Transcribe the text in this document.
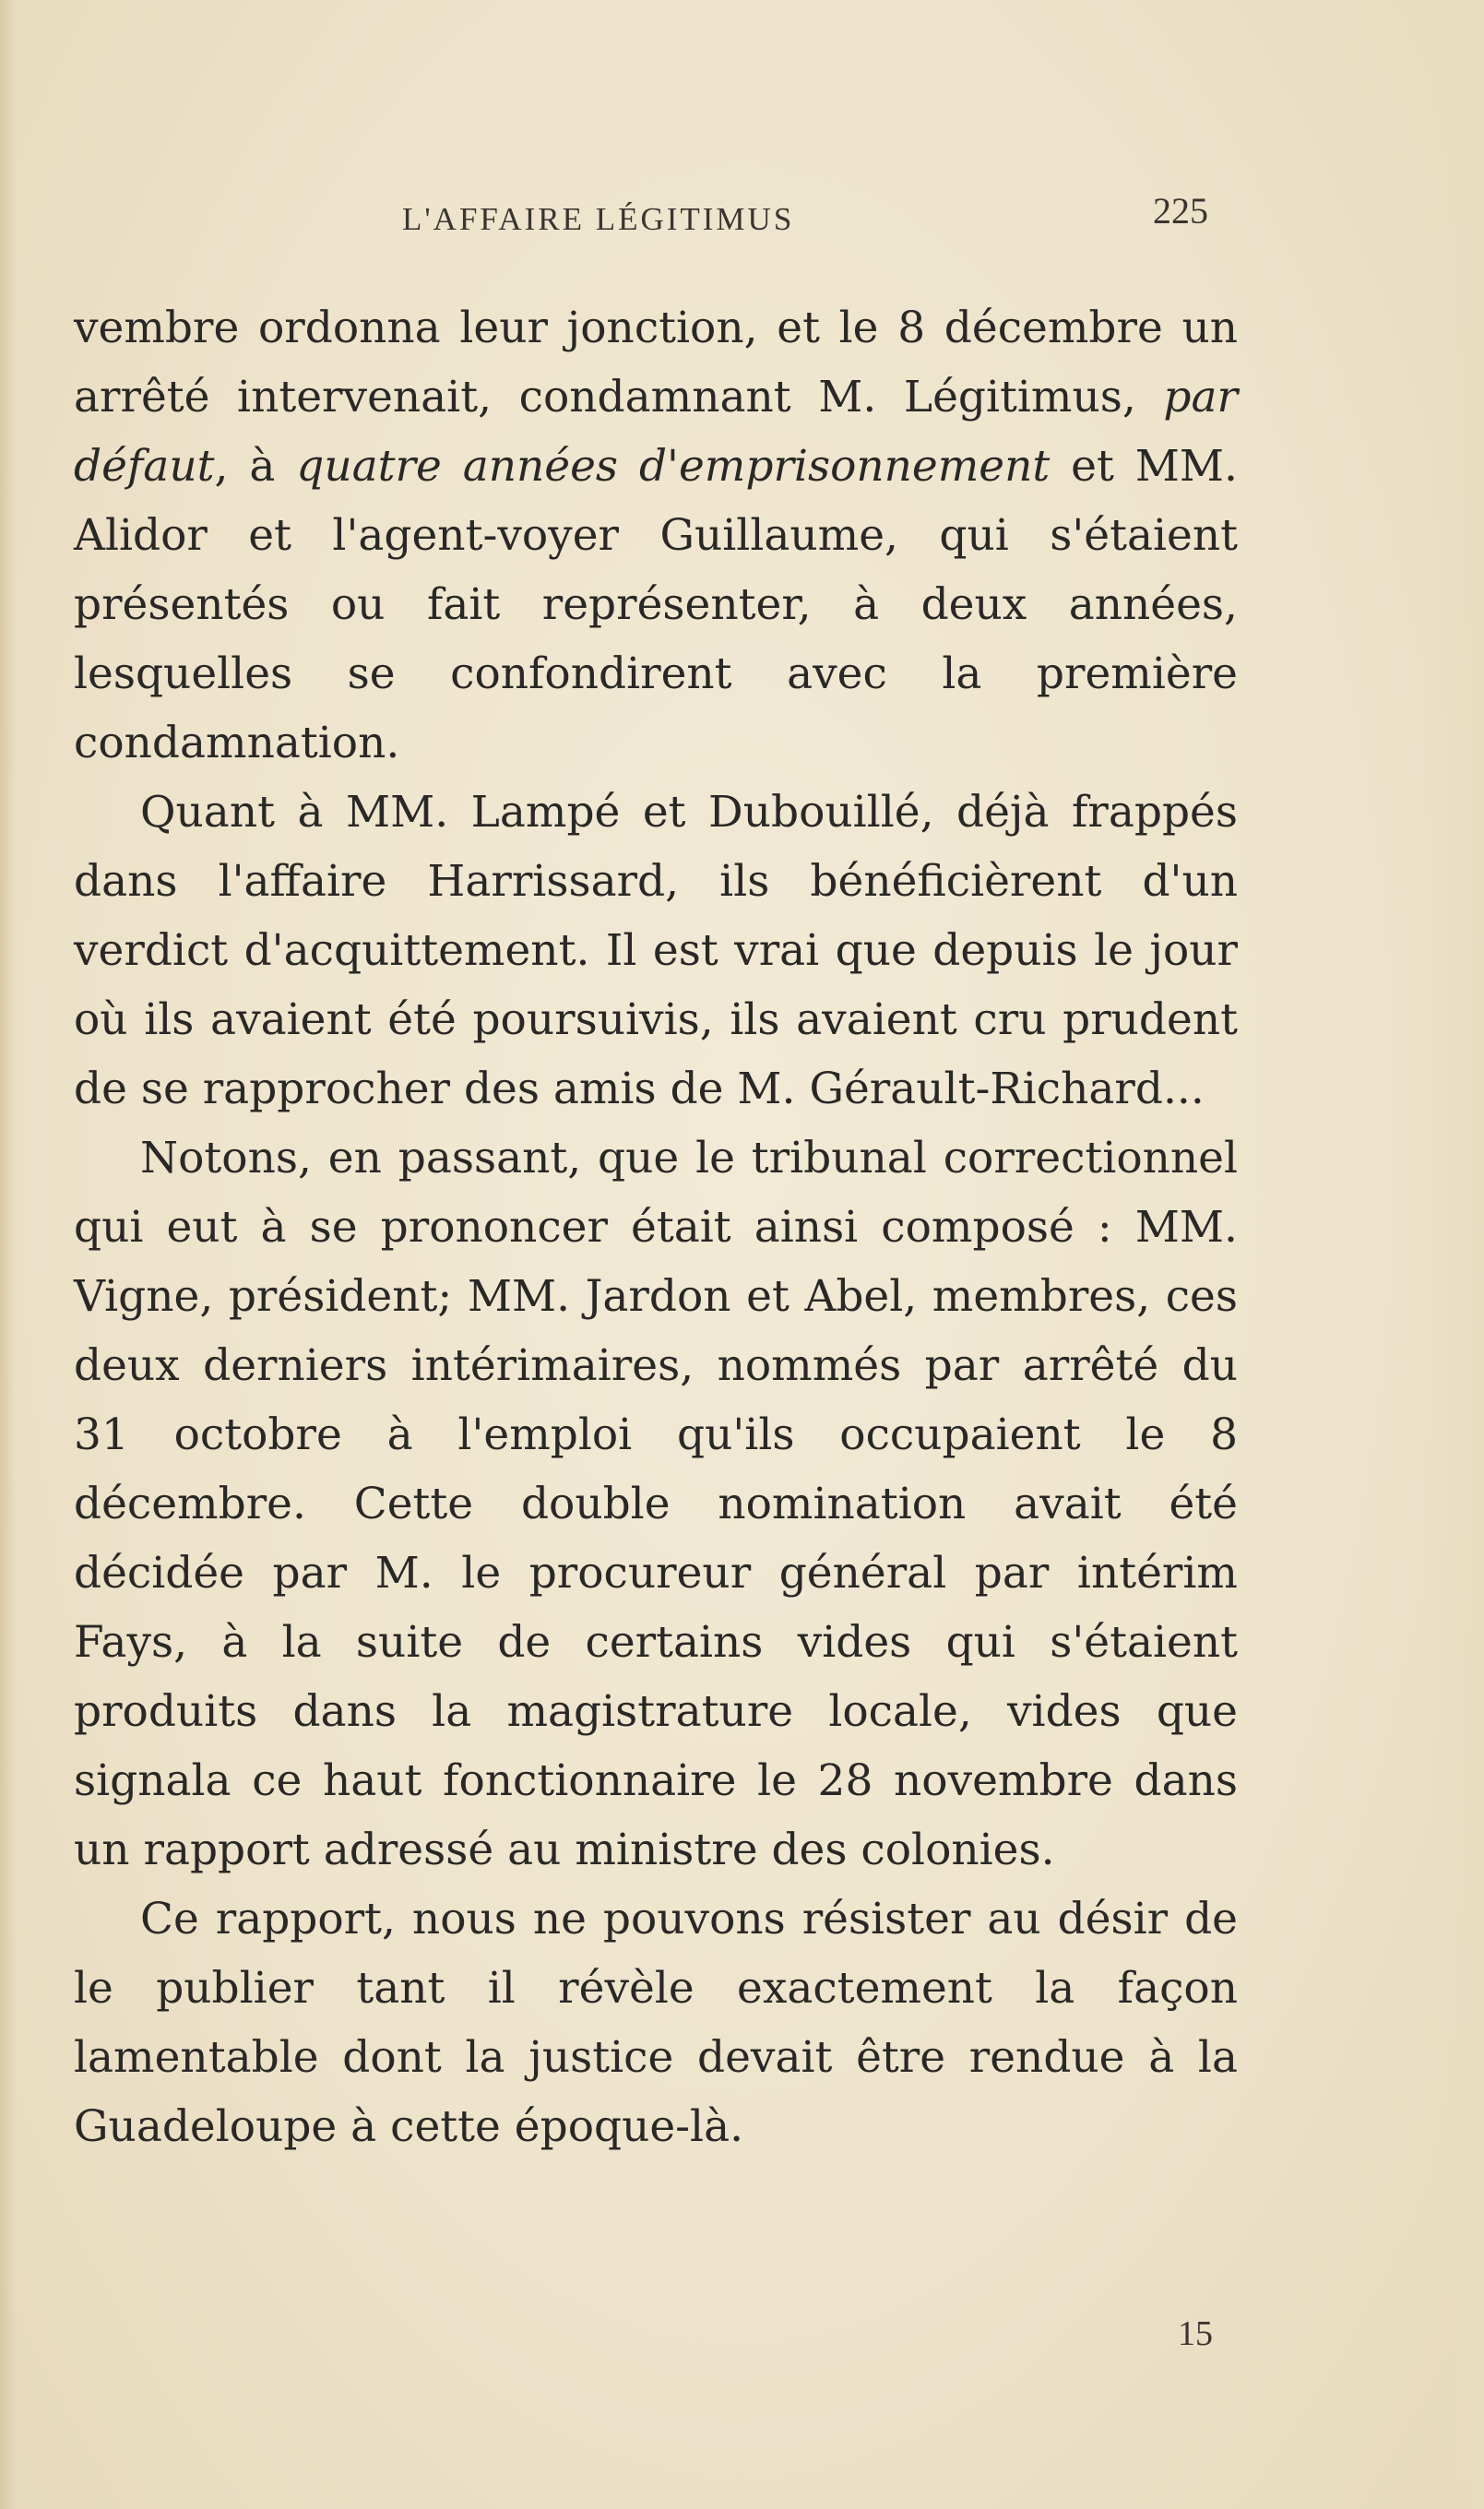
L'AFFAIRE LÉGITIMUS	225

vembre ordonna leur jonction, et le 8 décembre un arrêté intervenait, condamnant M. Légitimus, par défaut, à quatre années d'emprisonnement et MM. Alidor et l'agent-voyer Guillaume, qui s'étaient présentés ou fait représenter, à deux années, lesquelles se confondirent avec la première condamnation.

Quant à MM. Lampé et Dubouillé, déjà frappés dans l'affaire Harrissard, ils bénéficièrent d'un verdict d'acquittement. Il est vrai que depuis le jour où ils avaient été poursuivis, ils avaient cru prudent de se rapprocher des amis de M. Gérault-Richard...

Notons, en passant, que le tribunal correctionnel qui eut à se prononcer était ainsi composé : MM. Vigne, président; MM. Jardon et Abel, membres, ces deux derniers intérimaires, nommés par arrêté du 31 octobre à l'emploi qu'ils occupaient le 8 décembre. Cette double nomination avait été décidée par M. le procureur général par intérim Fays, à la suite de certains vides qui s'étaient produits dans la magistrature locale, vides que signala ce haut fonctionnaire le 28 novembre dans un rapport adressé au ministre des colonies.

Ce rapport, nous ne pouvons résister au désir de le publier tant il révèle exactement la façon lamentable dont la justice devait être rendue à la Guadeloupe à cette époque-là.

15
